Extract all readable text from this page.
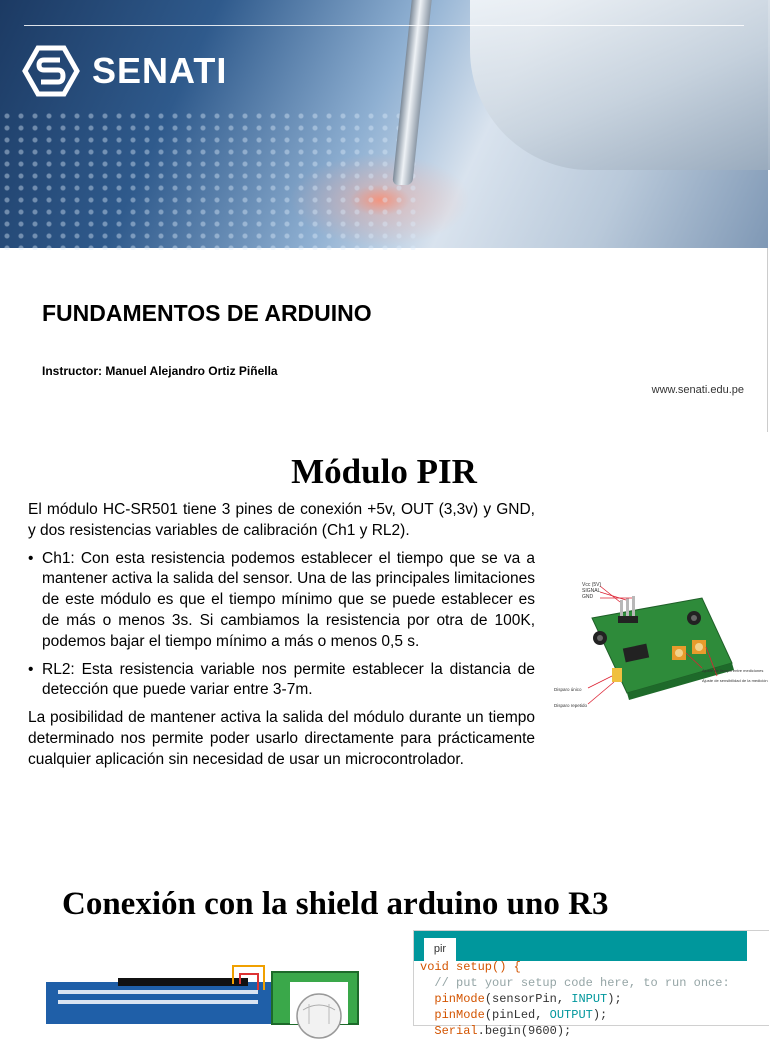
SENATI
FUNDAMENTOS DE ARDUINO
Instructor: Manuel Alejandro Ortiz Piñella
www.senati.edu.pe
Módulo PIR

El módulo HC-SR501 tiene 3 pines de conexión +5v, OUT (3,3v) y GND, y dos resistencias variables de calibración (Ch1 y RL2).

• Ch1: Con esta resistencia podemos establecer el tiempo que se va a mantener activa la salida del sensor. Una de las principales limitaciones de este módulo es que el tiempo mínimo que se puede establecer es de más o menos 3s. Si cambiamos la resistencia por otra de 100K, podemos bajar el tiempo mínimo a más o menos 0,5 s.
• RL2: Esta resistencia variable nos permite establecer la distancia de detección que puede variar entre 3-7m.

La posibilidad de mantener activa la salida del módulo durante un tiempo determinado nos permite poder usarlo directamente para prácticamente cualquier aplicación sin necesidad de usar un microcontrolador.

Vcc (5V)
SIGNAL
GND
Ajuste de tiempo entre mediciones
Ajuste de sensibilidad de la medición
Disparo único
Disparo repetido
Conexión con la shield arduino uno R3
pir
void setup() {
// put your setup code here, to run once:
pinMode(sensorPin, INPUT);
pinMode(pinLed, OUTPUT);
Serial.begin(9600);
